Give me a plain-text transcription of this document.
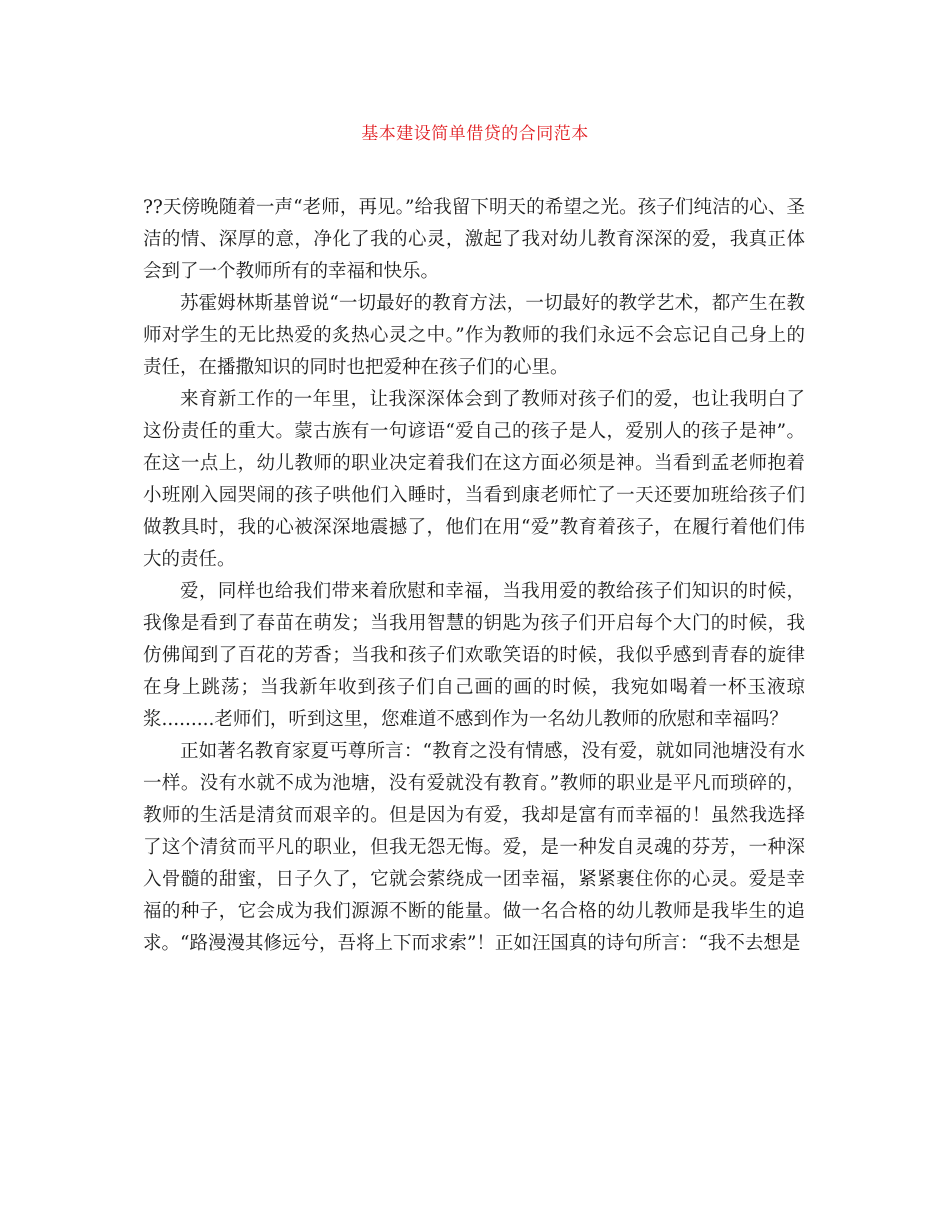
基本建设简单借贷的合同范本

??天傍晚随着一声“老师，再见。”给我留下明天的希望之光。孩子们纯洁的心、圣洁的情、深厚的意，净化了我的心灵，激起了我对幼儿教育深深的爱，我真正体会到了一个教师所有的幸福和快乐。

苏霍姆林斯基曾说“一切最好的教育方法，一切最好的教学艺术，都产生在教师对学生的无比热爱的炙热心灵之中。”作为教师的我们永远不会忘记自己身上的责任，在播撒知识的同时也把爱种在孩子们的心里。

来育新工作的一年里，让我深深体会到了教师对孩子们的爱，也让我明白了这份责任的重大。蒙古族有一句谚语“爱自己的孩子是人，爱别人的孩子是神”。在这一点上，幼儿教师的职业决定着我们在这方面必须是神。当看到孟老师抱着小班刚入园哭闹的孩子哄他们入睡时，当看到康老师忙了一天还要加班给孩子们做教具时，我的心被深深地震撼了，他们在用“爱”教育着孩子，在履行着他们伟大的责任。

爱，同样也给我们带来着欣慰和幸福，当我用爱的教给孩子们知识的时候，我像是看到了春苗在萌发；当我用智慧的钥匙为孩子们开启每个大门的时候，我仿佛闻到了百花的芳香；当我和孩子们欢歌笑语的时候，我似乎感到青春的旋律在身上跳荡；当我新年收到孩子们自己画的画的时候，我宛如喝着一杯玉液琼浆.........老师们，听到这里，您难道不感到作为一名幼儿教师的欣慰和幸福吗？

正如著名教育家夏丐尊所言：“教育之没有情感，没有爱，就如同池塘没有水一样。没有水就不成为池塘，没有爱就没有教育。”教师的职业是平凡而琐碎的，教师的生活是清贫而艰辛的。但是因为有爱，我却是富有而幸福的！虽然我选择了这个清贫而平凡的职业，但我无怨无悔。爱，是一种发自灵魂的芬芳，一种深入骨髓的甜蜜，日子久了，它就会萦绕成一团幸福，紧紧裹住你的心灵。爱是幸福的种子，它会成为我们源源不断的能量。做一名合格的幼儿教师是我毕生的追求。“路漫漫其修远兮，吾将上下而求索”！正如汪国真的诗句所言：“我不去想是
